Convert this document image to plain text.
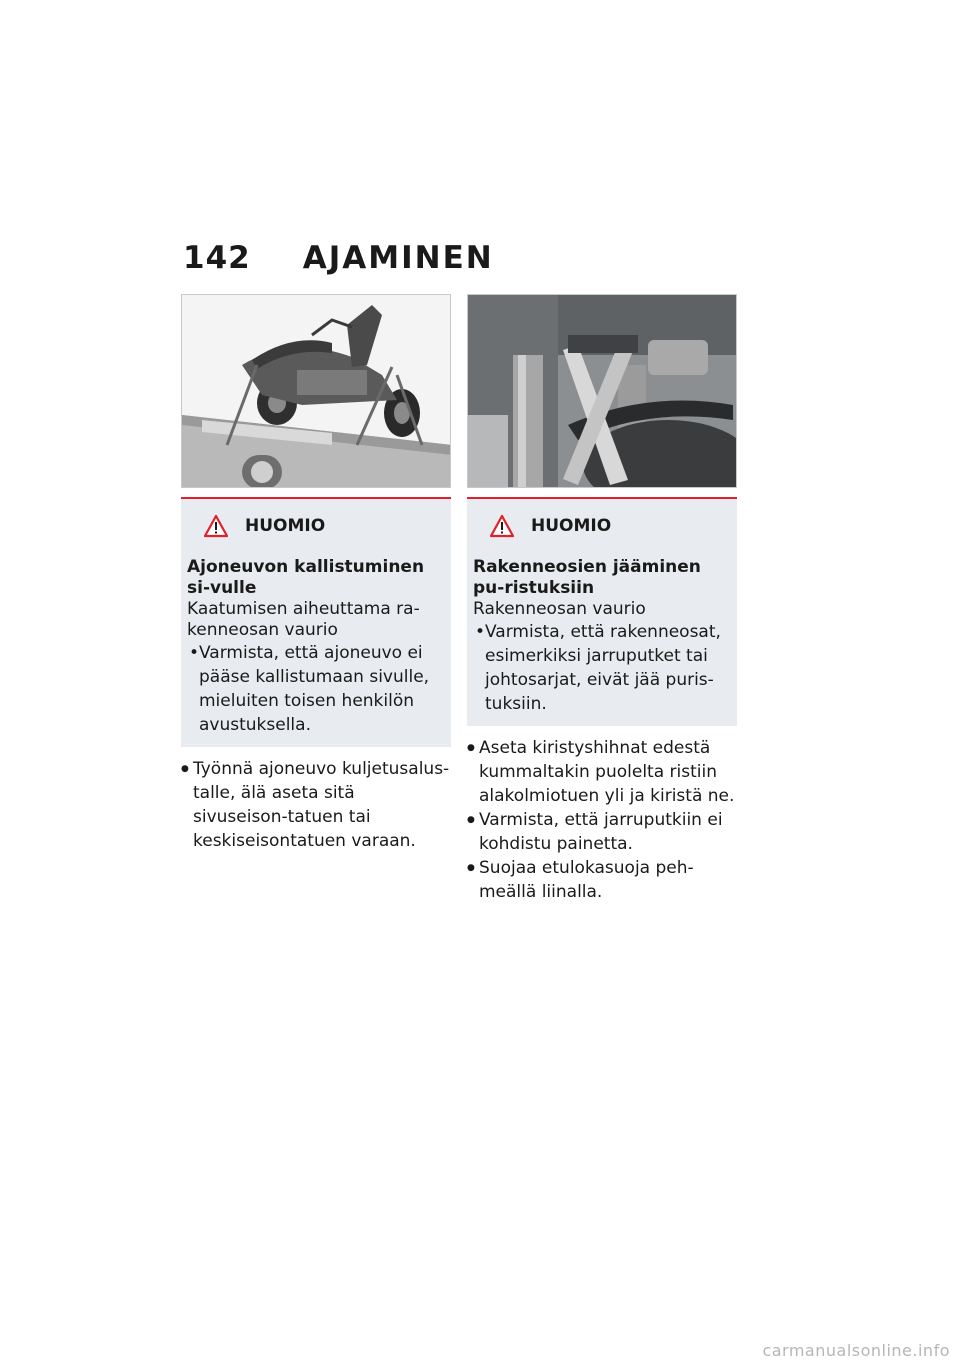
142 AJAMINEN
HUOMIO
Ajoneuvon kallistuminen si-vulle
Kaatumisen aiheuttama ra-kenneosan vaurio
• Varmista, että ajoneuvo ei pääse kallistumaan sivulle, mieluiten toisen henkilön avustuksella.
● Työnnä ajoneuvo kuljetusalus-talle, älä aseta sitä sivuseison-tatuen tai keskiseisontatuen varaan.
HUOMIO
Rakenneosien jääminen pu-ristuksiin
Rakenneosan vaurio
• Varmista, että rakenneosat, esimerkiksi jarruputket tai johtosarjat, eivät jää puris-tuksiin.
● Aseta kiristyshihnat edestä kummaltakin puolelta ristiin alakolmiotuen yli ja kiristä ne.
● Varmista, että jarruputkiin ei kohdistu painetta.
● Suojaa etulokasuoja peh-meällä liinalla.
carmanualsonline.info
